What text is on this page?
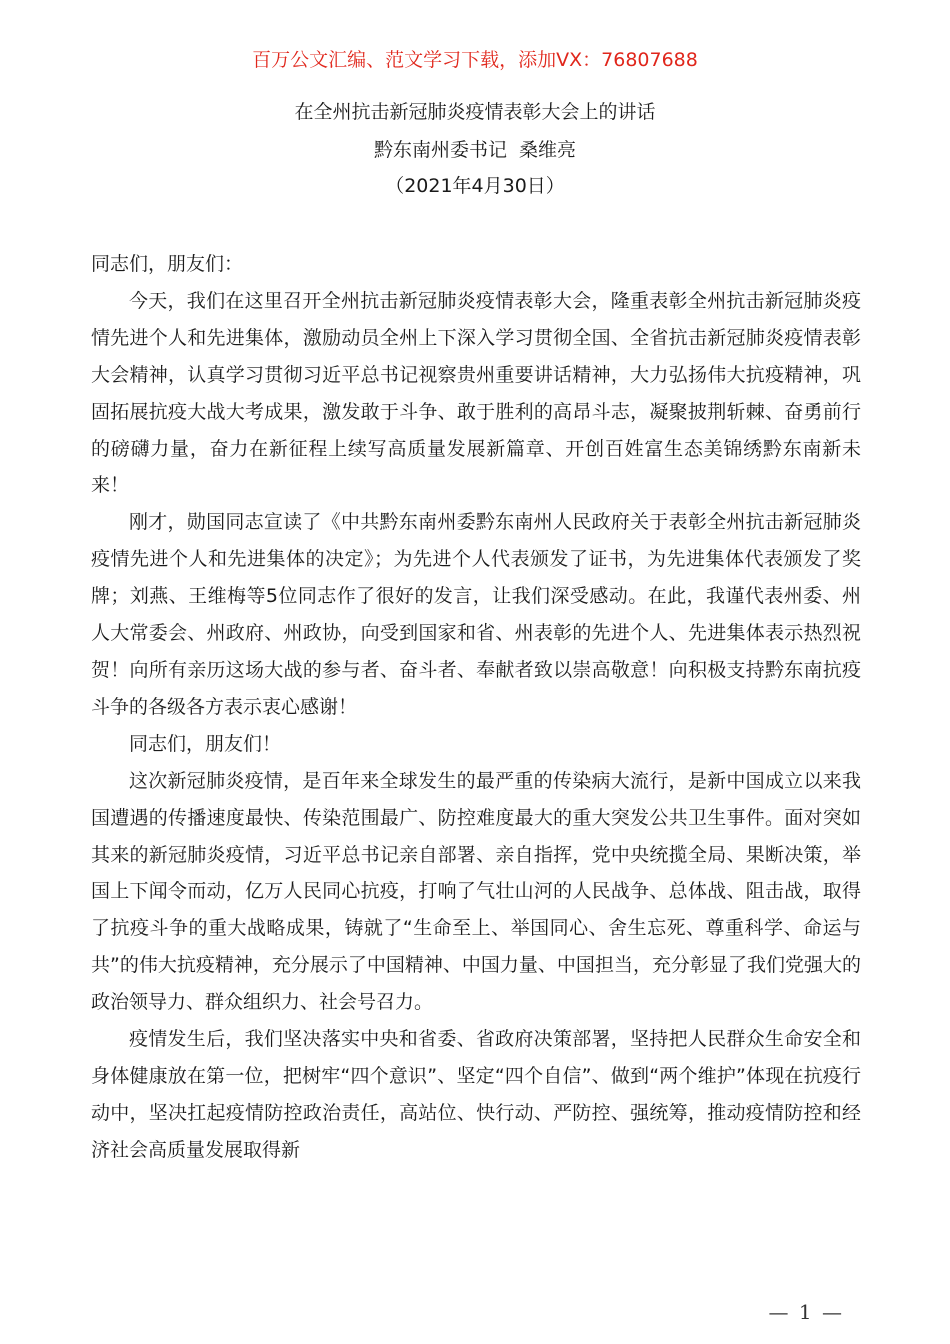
百万公文汇编、范文学习下载，添加VX：76807688
在全州抗击新冠肺炎疫情表彰大会上的讲话
黔东南州委书记  桑维亮
（2021年4月30日）

同志们，朋友们：

今天，我们在这里召开全州抗击新冠肺炎疫情表彰大会，隆重表彰全州抗击新冠肺炎疫情先进个人和先进集体，激励动员全州上下深入学习贯彻全国、全省抗击新冠肺炎疫情表彰大会精神，认真学习贯彻习近平总书记视察贵州重要讲话精神，大力弘扬伟大抗疫精神，巩固拓展抗疫大战大考成果，激发敢于斗争、敢于胜利的高昂斗志，凝聚披荆斩棘、奋勇前行的磅礴力量，奋力在新征程上续写高质量发展新篇章、开创百姓富生态美锦绣黔东南新未来！

刚才，勋国同志宣读了《中共黔东南州委黔东南州人民政府关于表彰全州抗击新冠肺炎疫情先进个人和先进集体的决定》；为先进个人代表颁发了证书，为先进集体代表颁发了奖牌；刘燕、王维梅等5位同志作了很好的发言，让我们深受感动。在此，我谨代表州委、州人大常委会、州政府、州政协，向受到国家和省、州表彰的先进个人、先进集体表示热烈祝贺！向所有亲历这场大战的参与者、奋斗者、奉献者致以崇高敬意！向积极支持黔东南抗疫斗争的各级各方表示衷心感谢！

同志们，朋友们！

这次新冠肺炎疫情，是百年来全球发生的最严重的传染病大流行，是新中国成立以来我国遭遇的传播速度最快、传染范围最广、防控难度最大的重大突发公共卫生事件。面对突如其来的新冠肺炎疫情，习近平总书记亲自部署、亲自指挥，党中央统揽全局、果断决策，举国上下闻令而动，亿万人民同心抗疫，打响了气壮山河的人民战争、总体战、阻击战，取得了抗疫斗争的重大战略成果，铸就了“生命至上、举国同心、舍生忘死、尊重科学、命运与共”的伟大抗疫精神，充分展示了中国精神、中国力量、中国担当，充分彰显了我们党强大的政治领导力、群众组织力、社会号召力。

疫情发生后，我们坚决落实中央和省委、省政府决策部署，坚持把人民群众生命安全和身体健康放在第一位，把树牢“四个意识”、坚定“四个自信”、做到“两个维护”体现在抗疫行动中，坚决扛起疫情防控政治责任，高站位、快行动、严防控、强统筹，推动疫情防控和经济社会高质量发展取得新

— 1 —
